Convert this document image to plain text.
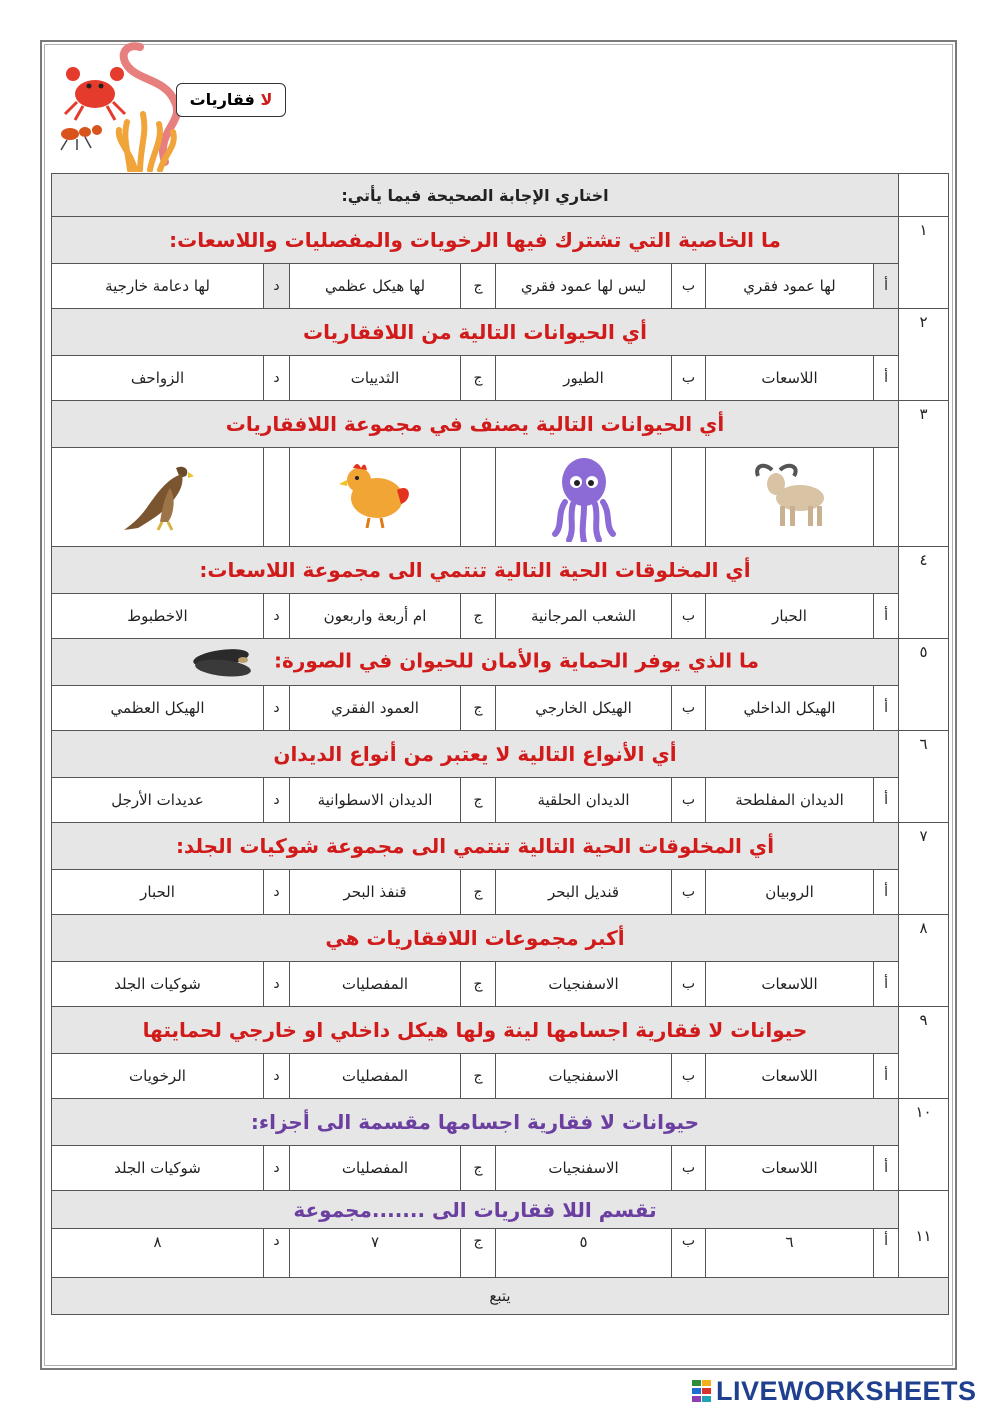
لا فقاريات
	اختاري الإجابة الصحيحة فيما يأتي:							
١	ما الخاصية التي تشترك فيها الرخويات والمفصليات واللاسعات:							
	أ	لها عمود فقري	ب	ليس لها عمود فقري	ج	لها هيكل عظمي	د	لها دعامة خارجية
٢	أي الحيوانات التالية من اللافقاريات							
	أ	اللاسعات	ب	الطيور	ج	الثدييات	د	الزواحف
٣	أي الحيوانات التالية يصنف في مجموعة اللافقاريات							

٤	أي المخلوقات الحية التالية تنتمي الى مجموعة اللاسعات:							
	أ	الحبار	ب	الشعب المرجانية	ج	ام أربعة واربعون	د	الاخطبوط
٥	ما الذي يوفر الحماية والأمان للحيوان في الصورة:							
	أ	الهيكل الداخلي	ب	الهيكل الخارجي	ج	العمود الفقري	د	الهيكل العظمي
٦	أي الأنواع التالية لا يعتبر من أنواع الديدان							
	أ	الديدان المفلطحة	ب	الديدان الحلقية	ج	الديدان الاسطوانية	د	عديدات الأرجل
٧	أي المخلوقات الحية التالية تنتمي الى مجموعة شوكيات الجلد:							
	أ	الروبيان	ب	قنديل البحر	ج	قنفذ البحر	د	الحبار
٨	أكبر مجموعات اللافقاريات هي							
	أ	اللاسعات	ب	الاسفنجيات	ج	المفصليات	د	شوكيات الجلد
٩	حيوانات لا فقارية اجسامها لينة ولها هيكل داخلي او خارجي لحمايتها							
	أ	اللاسعات	ب	الاسفنجيات	ج	المفصليات	د	الرخويات
١٠	حيوانات لا فقارية اجسامها مقسمة الى أجزاء:							
	أ	اللاسعات	ب	الاسفنجيات	ج	المفصليات	د	شوكيات الجلد
١١	تقسم اللا فقاريات الى .......مجموعة							
	أ	٦	ب	٥	ج	٧	د	٨
يتبع								
LIVEWORKSHEETS
